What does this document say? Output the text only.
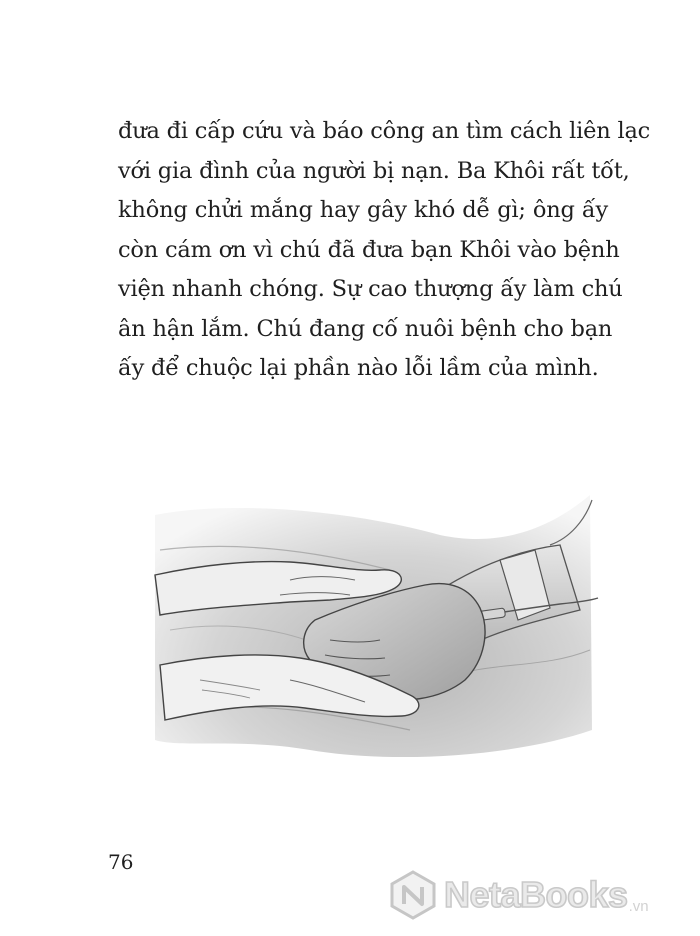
đưa đi cấp cứu và báo công an tìm cách liên lạc
với gia đình của người bị nạn. Ba Khôi rất tốt,
không chửi mắng hay gây khó dễ gì; ông ấy
còn cám ơn vì chú đã đưa bạn Khôi vào bệnh
viện nhanh chóng. Sự cao thượng ấy làm chú
ân hận lắm. Chú đang cố nuôi bệnh cho bạn
ấy để chuộc lại phần nào lỗi lầm của mình.
76
NetaBooks .vn
